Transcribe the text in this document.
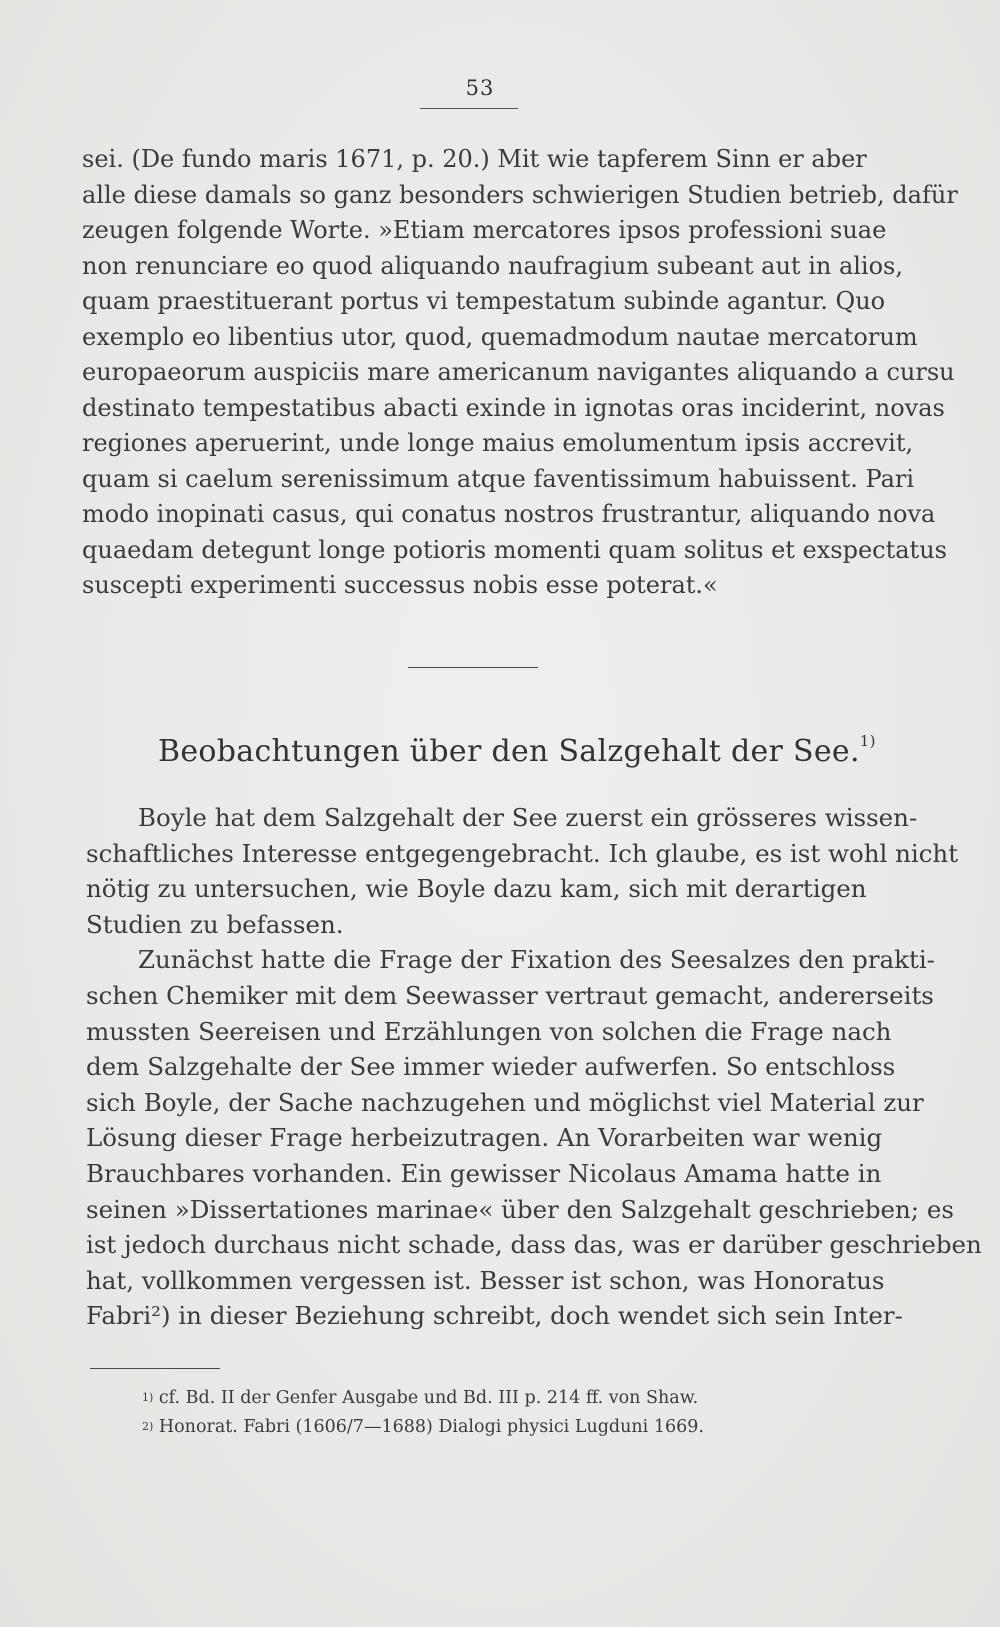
53
sei. (De fundo maris 1671, p. 20.) Mit wie tapferem Sinn er aber
alle diese damals so ganz besonders schwierigen Studien betrieb, dafür
zeugen folgende Worte. »Etiam mercatores ipsos professioni suae
non renunciare eo quod aliquando naufragium subeant aut in alios,
quam praestituerant portus vi tempestatum subinde agantur. Quo
exemplo eo libentius utor, quod, quemadmodum nautae mercatorum
europaeorum auspiciis mare americanum navigantes aliquando a cursu
destinato tempestatibus abacti exinde in ignotas oras inciderint, novas
regiones aperuerint, unde longe maius emolumentum ipsis accrevit,
quam si caelum serenissimum atque faventissimum habuissent. Pari
modo inopinati casus, qui conatus nostros frustrantur, aliquando nova
quaedam detegunt longe potioris momenti quam solitus et exspectatus
suscepti experimenti successus nobis esse poterat.«
Beobachtungen über den Salzgehalt der See.$^{1)}$
Boyle hat dem Salzgehalt der See zuerst ein grösseres wissen-
schaftliches Interesse entgegengebracht. Ich glaube, es ist wohl nicht
nötig zu untersuchen, wie Boyle dazu kam, sich mit derartigen
Studien zu befassen.
Zunächst hatte die Frage der Fixation des Seesalzes den prakti-
schen Chemiker mit dem Seewasser vertraut gemacht, andererseits
mussten Seereisen und Erzählungen von solchen die Frage nach
dem Salzgehalte der See immer wieder aufwerfen. So entschloss
sich Boyle, der Sache nachzugehen und möglichst viel Material zur
Lösung dieser Frage herbeizutragen. An Vorarbeiten war wenig
Brauchbares vorhanden. Ein gewisser Nicolaus Amama hatte in
seinen »Dissertationes marinae« über den Salzgehalt geschrieben; es
ist jedoch durchaus nicht schade, dass das, was er darüber geschrieben
hat, vollkommen vergessen ist. Besser ist schon, was Honoratus
Fabri²) in dieser Beziehung schreibt, doch wendet sich sein Inter-
$^{1)}$ cf. Bd. II der Genfer Ausgabe und Bd. III p. 214 ff. von Shaw.
$^{2)}$ Honorat. Fabri (1606/7—1688) Dialogi physici Lugduni 1669.
